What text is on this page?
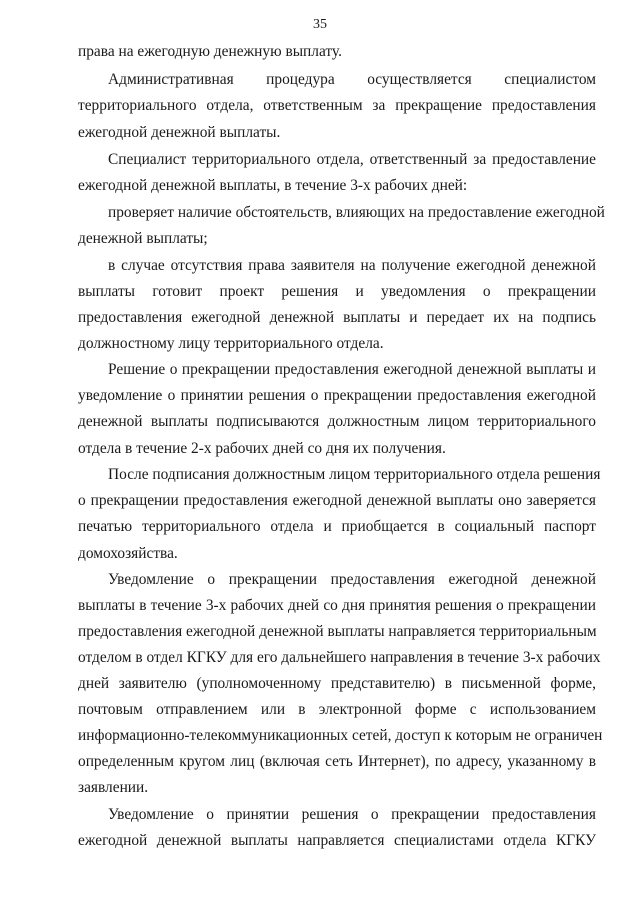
35
права на ежегодную денежную выплату.
Административная процедура осуществляется специалистом
территориального отдела, ответственным за прекращение предоставления
ежегодной денежной выплаты.
Специалист территориального отдела, ответственный за предоставление
ежегодной денежной выплаты, в течение 3-х рабочих дней:
проверяет наличие обстоятельств, влияющих на предоставление ежегодной
денежной выплаты;
в случае отсутствия права заявителя на получение ежегодной денежной
выплаты готовит проект решения и уведомления о прекращении
предоставления ежегодной денежной выплаты и передает их на подпись
должностному лицу территориального отдела.
Решение о прекращении предоставления ежегодной денежной выплаты и
уведомление о принятии решения о прекращении предоставления ежегодной
денежной выплаты подписываются должностным лицом территориального
отдела в течение 2-х рабочих дней со дня их получения.
После подписания должностным лицом территориального отдела решения
о прекращении предоставления ежегодной денежной выплаты оно заверяется
печатью территориального отдела и приобщается в социальный паспорт
домохозяйства.
Уведомление о прекращении предоставления ежегодной денежной
выплаты в течение 3-х рабочих дней со дня принятия решения о прекращении
предоставления ежегодной денежной выплаты направляется территориальным
отделом в отдел КГКУ для его дальнейшего направления в течение 3-х рабочих
дней заявителю (уполномоченному представителю) в письменной форме,
почтовым отправлением или в электронной форме с использованием
информационно-телекоммуникационных сетей, доступ к которым не ограничен
определенным кругом лиц (включая сеть Интернет), по адресу, указанному в
заявлении.
Уведомление о принятии решения о прекращении предоставления
ежегодной денежной выплаты направляется специалистами отдела КГКУ
